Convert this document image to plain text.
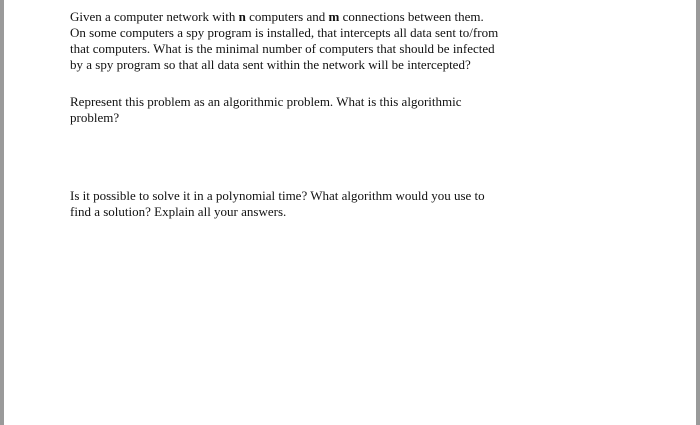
Given a computer network with n computers and m connections between them.
On some computers a spy program is installed, that intercepts all data sent to/from
that computers. What is the minimal number of computers that should be infected
by a spy program so that all data sent within the network will be intercepted?

Represent this problem as an algorithmic problem. What is this algorithmic
problem?

Is it possible to solve it in a polynomial time? What algorithm would you use to
find a solution? Explain all your answers.
